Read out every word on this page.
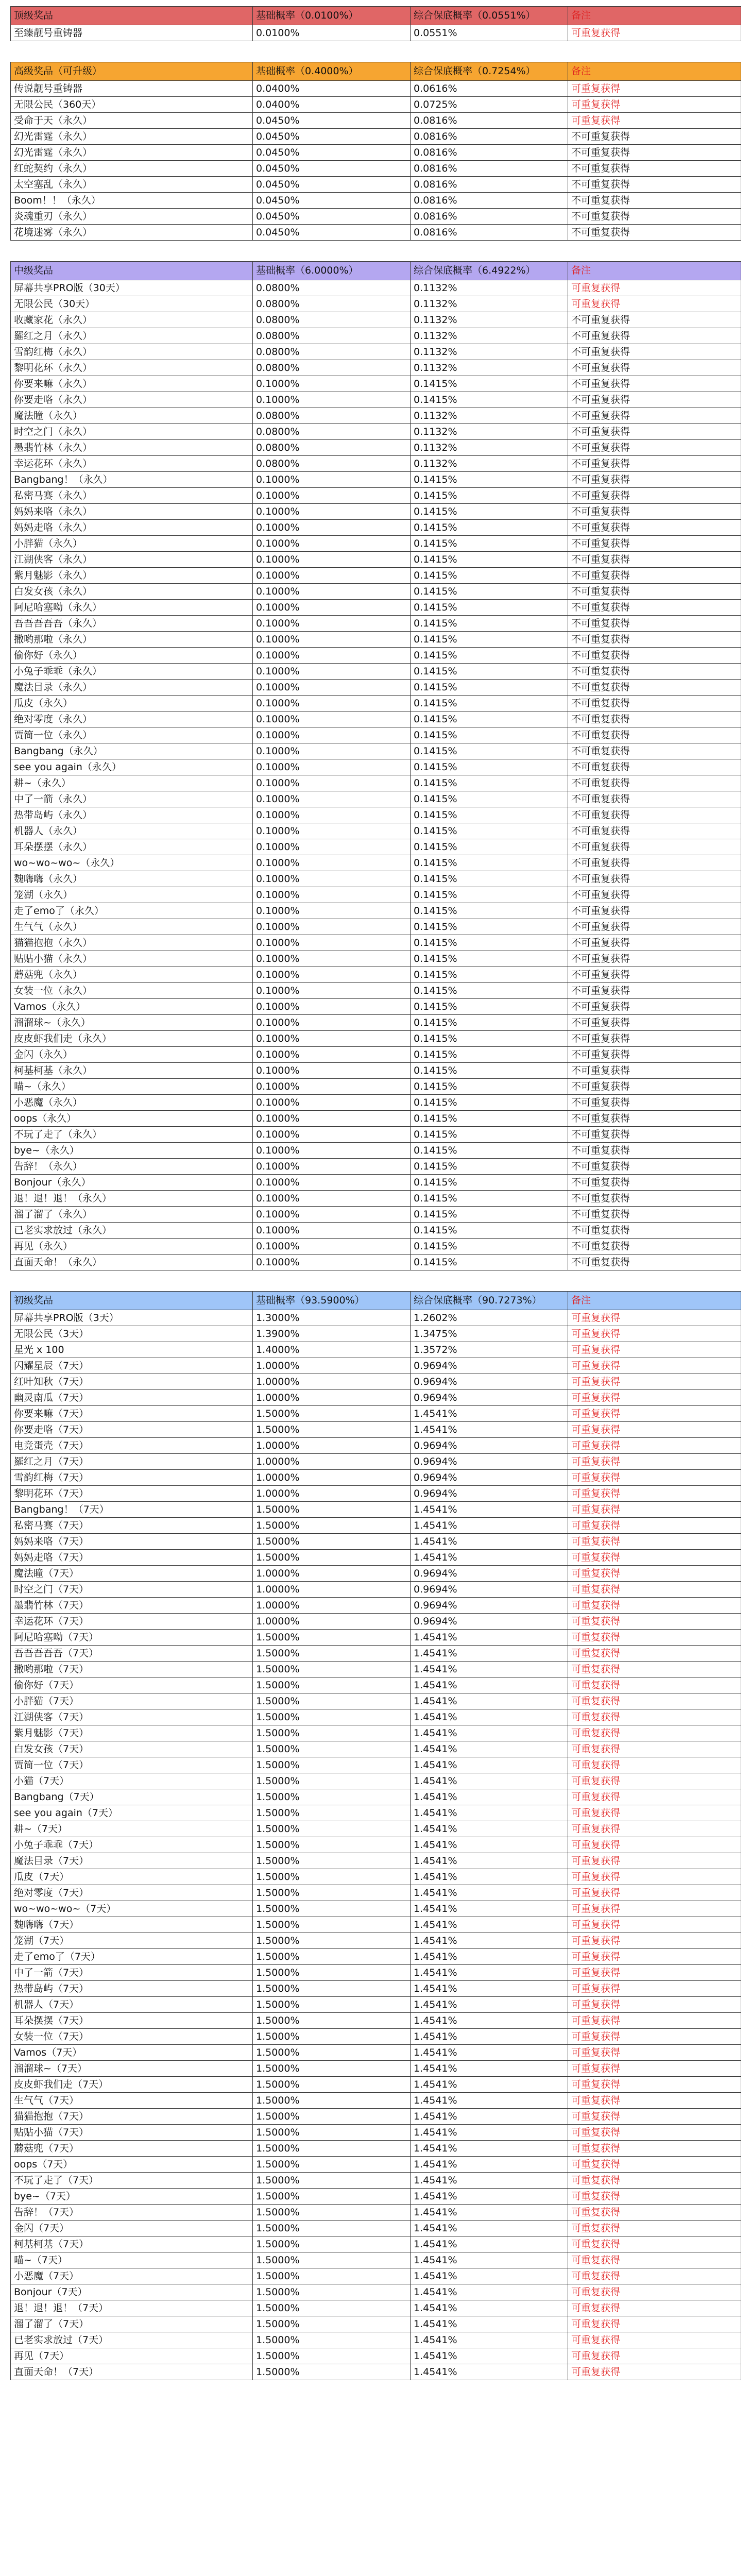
顶级奖品	基础概率（0.0100%）	综合保底概率（0.0551%）	备注
至臻靓号重铸器	0.0100%	0.0551%	可重复获得
高级奖品（可升级）	基础概率（0.4000%）	综合保底概率（0.7254%）	备注
传说靓号重铸器	0.0400%	0.0616%	可重复获得
无限公民（360天）	0.0400%	0.0725%	可重复获得
受命于天（永久）	0.0450%	0.0816%	可重复获得
幻光雷霆（永久）	0.0450%	0.0816%	不可重复获得
幻光雷霆（永久）	0.0450%	0.0816%	不可重复获得
红蛇契约（永久）	0.0450%	0.0816%	不可重复获得
太空塞乱（永久）	0.0450%	0.0816%	不可重复获得
Boom！！（永久）	0.0450%	0.0816%	不可重复获得
炎魂重刃（永久）	0.0450%	0.0816%	不可重复获得
花境迷雾（永久）	0.0450%	0.0816%	不可重复获得
中级奖品	基础概率（6.0000%）	综合保底概率（6.4922%）	备注
屏幕共享PRO版（30天）	0.0800%	0.1132%	可重复获得
无限公民（30天）	0.0800%	0.1132%	可重复获得
收藏家花（永久）	0.0800%	0.1132%	不可重复获得
羅红之月（永久）	0.0800%	0.1132%	不可重复获得
雪韵红梅（永久）	0.0800%	0.1132%	不可重复获得
黎明花环（永久）	0.0800%	0.1132%	不可重复获得
你要来嘛（永久）	0.1000%	0.1415%	不可重复获得
你要走咯（永久）	0.1000%	0.1415%	不可重复获得
魔法瞳（永久）	0.0800%	0.1132%	不可重复获得
时空之门（永久）	0.0800%	0.1132%	不可重复获得
墨翡竹林（永久）	0.0800%	0.1132%	不可重复获得
幸运花环（永久）	0.0800%	0.1132%	不可重复获得
Bangbang！（永久）	0.1000%	0.1415%	不可重复获得
私密马赛（永久）	0.1000%	0.1415%	不可重复获得
妈妈来咯（永久）	0.1000%	0.1415%	不可重复获得
妈妈走咯（永久）	0.1000%	0.1415%	不可重复获得
小胖猫（永久）	0.1000%	0.1415%	不可重复获得
江湖侠客（永久）	0.1000%	0.1415%	不可重复获得
紫月魅影（永久）	0.1000%	0.1415%	不可重复获得
白发女孩（永久）	0.1000%	0.1415%	不可重复获得
阿尼哈塞呦（永久）	0.1000%	0.1415%	不可重复获得
吾吾吾吾吾（永久）	0.1000%	0.1415%	不可重复获得
撒哟那啦（永久）	0.1000%	0.1415%	不可重复获得
偷你好（永久）	0.1000%	0.1415%	不可重复获得
小兔子乖乖（永久）	0.1000%	0.1415%	不可重复获得
魔法目录（永久）	0.1000%	0.1415%	不可重复获得
瓜皮（永久）	0.1000%	0.1415%	不可重复获得
绝对零度（永久）	0.1000%	0.1415%	不可重复获得
贾简一位（永久）	0.1000%	0.1415%	不可重复获得
Bangbang（永久）	0.1000%	0.1415%	不可重复获得
see you again（永久）	0.1000%	0.1415%	不可重复获得
耕~（永久）	0.1000%	0.1415%	不可重复获得
中了一箭（永久）	0.1000%	0.1415%	不可重复获得
热带岛屿（永久）	0.1000%	0.1415%	不可重复获得
机器人（永久）	0.1000%	0.1415%	不可重复获得
耳朵摆摆（永久）	0.1000%	0.1415%	不可重复获得
wo~wo~wo~（永久）	0.1000%	0.1415%	不可重复获得
魏嗨嗨（永久）	0.1000%	0.1415%	不可重复获得
笼湖（永久）	0.1000%	0.1415%	不可重复获得
走了emo了（永久）	0.1000%	0.1415%	不可重复获得
生气气（永久）	0.1000%	0.1415%	不可重复获得
猫猫抱抱（永久）	0.1000%	0.1415%	不可重复获得
贴贴小猫（永久）	0.1000%	0.1415%	不可重复获得
蘑菇兜（永久）	0.1000%	0.1415%	不可重复获得
女装一位（永久）	0.1000%	0.1415%	不可重复获得
Vamos（永久）	0.1000%	0.1415%	不可重复获得
溜溜球~（永久）	0.1000%	0.1415%	不可重复获得
皮皮虾我们走（永久）	0.1000%	0.1415%	不可重复获得
金闪（永久）	0.1000%	0.1415%	不可重复获得
柯基柯基（永久）	0.1000%	0.1415%	不可重复获得
喵~（永久）	0.1000%	0.1415%	不可重复获得
小恶魔（永久）	0.1000%	0.1415%	不可重复获得
oops（永久）	0.1000%	0.1415%	不可重复获得
不玩了走了（永久）	0.1000%	0.1415%	不可重复获得
bye~（永久）	0.1000%	0.1415%	不可重复获得
告辞！（永久）	0.1000%	0.1415%	不可重复获得
Bonjour（永久）	0.1000%	0.1415%	不可重复获得
退！退！退！（永久）	0.1000%	0.1415%	不可重复获得
溜了溜了（永久）	0.1000%	0.1415%	不可重复获得
已老实求放过（永久）	0.1000%	0.1415%	不可重复获得
再见（永久）	0.1000%	0.1415%	不可重复获得
直面天命！（永久）	0.1000%	0.1415%	不可重复获得
初级奖品	基础概率（93.5900%）	综合保底概率（90.7273%）	备注
屏幕共享PRO版（3天）	1.3000%	1.2602%	可重复获得
无限公民（3天）	1.3900%	1.3475%	可重复获得
星光 x 100	1.4000%	1.3572%	可重复获得
闪耀星辰（7天）	1.0000%	0.9694%	可重复获得
红叶知秋（7天）	1.0000%	0.9694%	可重复获得
幽灵南瓜（7天）	1.0000%	0.9694%	可重复获得
你要来嘛（7天）	1.5000%	1.4541%	可重复获得
你要走咯（7天）	1.5000%	1.4541%	可重复获得
电竞蛋壳（7天）	1.0000%	0.9694%	可重复获得
羅红之月（7天）	1.0000%	0.9694%	可重复获得
雪韵红梅（7天）	1.0000%	0.9694%	可重复获得
黎明花环（7天）	1.0000%	0.9694%	可重复获得
Bangbang！（7天）	1.5000%	1.4541%	可重复获得
私密马赛（7天）	1.5000%	1.4541%	可重复获得
妈妈来咯（7天）	1.5000%	1.4541%	可重复获得
妈妈走咯（7天）	1.5000%	1.4541%	可重复获得
魔法瞳（7天）	1.0000%	0.9694%	可重复获得
时空之门（7天）	1.0000%	0.9694%	可重复获得
墨翡竹林（7天）	1.0000%	0.9694%	可重复获得
幸运花环（7天）	1.0000%	0.9694%	可重复获得
阿尼哈塞呦（7天）	1.5000%	1.4541%	可重复获得
吾吾吾吾吾（7天）	1.5000%	1.4541%	可重复获得
撒哟那啦（7天）	1.5000%	1.4541%	可重复获得
偷你好（7天）	1.5000%	1.4541%	可重复获得
小胖猫（7天）	1.5000%	1.4541%	可重复获得
江湖侠客（7天）	1.5000%	1.4541%	可重复获得
紫月魅影（7天）	1.5000%	1.4541%	可重复获得
白发女孩（7天）	1.5000%	1.4541%	可重复获得
贾简一位（7天）	1.5000%	1.4541%	可重复获得
小猫（7天）	1.5000%	1.4541%	可重复获得
Bangbang（7天）	1.5000%	1.4541%	可重复获得
see you again（7天）	1.5000%	1.4541%	可重复获得
耕~（7天）	1.5000%	1.4541%	可重复获得
小兔子乖乖（7天）	1.5000%	1.4541%	可重复获得
魔法目录（7天）	1.5000%	1.4541%	可重复获得
瓜皮（7天）	1.5000%	1.4541%	可重复获得
绝对零度（7天）	1.5000%	1.4541%	可重复获得
wo~wo~wo~（7天）	1.5000%	1.4541%	可重复获得
魏嗨嗨（7天）	1.5000%	1.4541%	可重复获得
笼湖（7天）	1.5000%	1.4541%	可重复获得
走了emo了（7天）	1.5000%	1.4541%	可重复获得
中了一箭（7天）	1.5000%	1.4541%	可重复获得
热带岛屿（7天）	1.5000%	1.4541%	可重复获得
机器人（7天）	1.5000%	1.4541%	可重复获得
耳朵摆摆（7天）	1.5000%	1.4541%	可重复获得
女装一位（7天）	1.5000%	1.4541%	可重复获得
Vamos（7天）	1.5000%	1.4541%	可重复获得
溜溜球~（7天）	1.5000%	1.4541%	可重复获得
皮皮虾我们走（7天）	1.5000%	1.4541%	可重复获得
生气气（7天）	1.5000%	1.4541%	可重复获得
猫猫抱抱（7天）	1.5000%	1.4541%	可重复获得
贴贴小猫（7天）	1.5000%	1.4541%	可重复获得
蘑菇兜（7天）	1.5000%	1.4541%	可重复获得
oops（7天）	1.5000%	1.4541%	可重复获得
不玩了走了（7天）	1.5000%	1.4541%	可重复获得
bye~（7天）	1.5000%	1.4541%	可重复获得
告辞！（7天）	1.5000%	1.4541%	可重复获得
金闪（7天）	1.5000%	1.4541%	可重复获得
柯基柯基（7天）	1.5000%	1.4541%	可重复获得
喵~（7天）	1.5000%	1.4541%	可重复获得
小恶魔（7天）	1.5000%	1.4541%	可重复获得
Bonjour（7天）	1.5000%	1.4541%	可重复获得
退！退！退！（7天）	1.5000%	1.4541%	可重复获得
溜了溜了（7天）	1.5000%	1.4541%	可重复获得
已老实求放过（7天）	1.5000%	1.4541%	可重复获得
再见（7天）	1.5000%	1.4541%	可重复获得
直面天命！（7天）	1.5000%	1.4541%	可重复获得
